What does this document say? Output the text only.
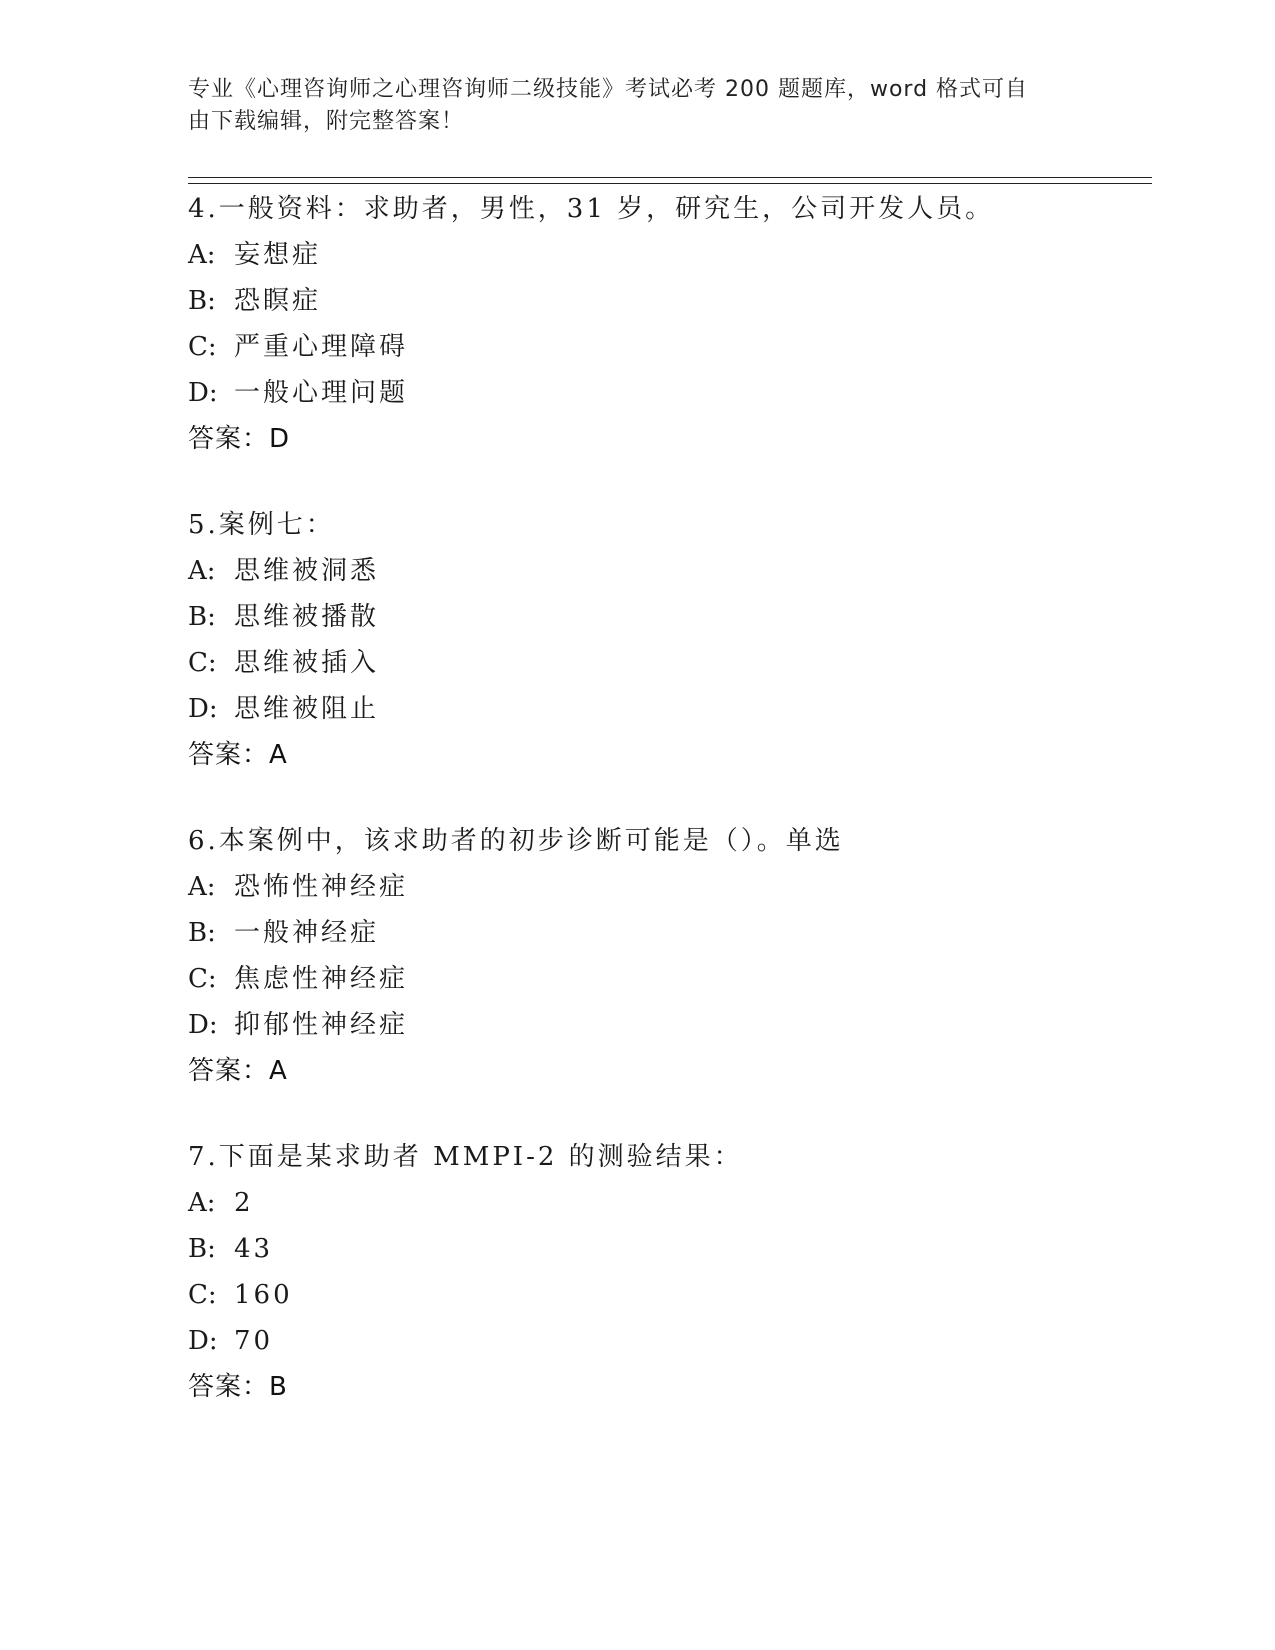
专业《心理咨询师之心理咨询师二级技能》考试必考 200 题题库，word 格式可自
由下载编辑，附完整答案！
4.一般资料：求助者，男性，31 岁，研究生，公司开发人员。
A: 妄想症
B: 恐瞑症
C: 严重心理障碍
D: 一般心理问题
答案：D
5.案例七：
A: 思维被洞悉
B: 思维被播散
C: 思维被插入
D: 思维被阻止
答案：A
6.本案例中，该求助者的初步诊断可能是（）。单选
A: 恐怖性神经症
B: 一般神经症
C: 焦虑性神经症
D: 抑郁性神经症
答案：A
7.下面是某求助者 MMPI-2 的测验结果：
A: 2
B: 43
C: 160
D: 70
答案：B
